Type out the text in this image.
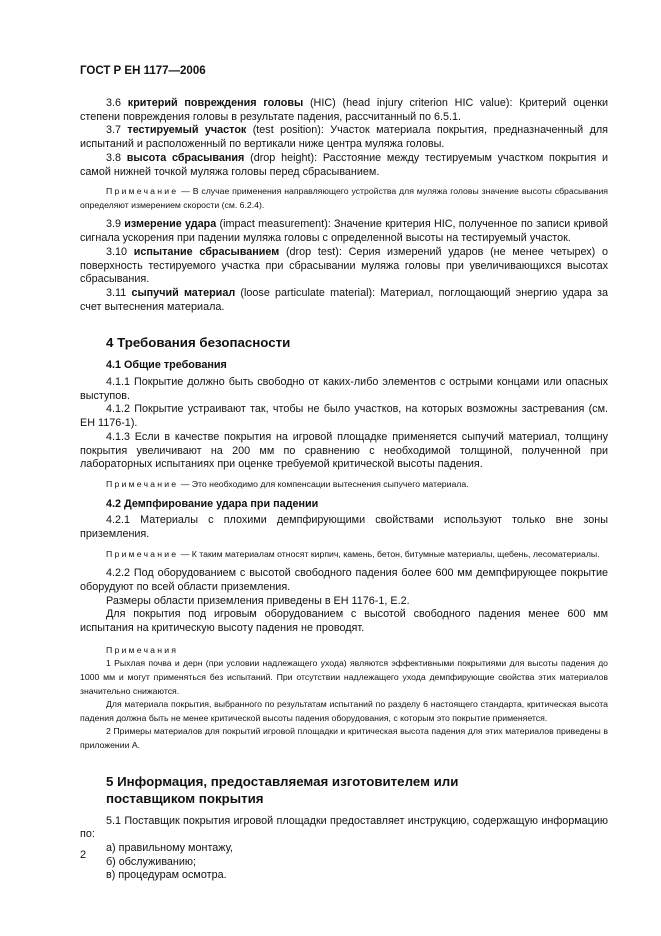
ГОСТ Р ЕН 1177—2006

3.6 критерий повреждения головы (HIC) (head injury criterion HIC value): Критерий оценки степени повреждения головы в результате падения, рассчитанный по 6.5.1.

3.7 тестируемый участок (test position): Участок материала покрытия, предназначенный для испытаний и расположенный по вертикали ниже центра муляжа головы.

3.8 высота сбрасывания (drop height): Расстояние между тестируемым участком покрытия и самой нижней точкой муляжа головы перед сбрасыванием.

Примечание — В случае применения направляющего устройства для муляжа головы значение высоты сбрасывания определяют измерением скорости (см. 6.2.4).

3.9 измерение удара (impact measurement): Значение критерия HIC, полученное по записи кривой сигнала ускорения при падении муляжа головы с определенной высоты на тестируемый участок.

3.10 испытание сбрасыванием (drop test): Серия измерений ударов (не менее четырех) о поверхность тестируемого участка при сбрасывании муляжа головы при увеличивающихся высотах сбрасывания.

3.11 сыпучий материал (loose particulate material): Материал, поглощающий энергию удара за счет вытеснения материала.

4 Требования безопасности
4.1 Общие требования

4.1.1 Покрытие должно быть свободно от каких-либо элементов с острыми концами или опасных выступов.

4.1.2 Покрытие устраивают так, чтобы не было участков, на которых возможны застревания (см. ЕН 1176-1).

4.1.3 Если в качестве покрытия на игровой площадке применяется сыпучий материал, толщину покрытия увеличивают на 200 мм по сравнению с необходимой толщиной, полученной при лабораторных испытаниях при оценке требуемой критической высоты падения.

Примечание — Это необходимо для компенсации вытеснения сыпучего материала.

4.2 Демпфирование удара при падении

4.2.1 Материалы с плохими демпфирующими свойствами используют только вне зоны приземления.

Примечание — К таким материалам относят кирпич, камень, бетон, битумные материалы, щебень, лесоматериалы.

4.2.2 Под оборудованием с высотой свободного падения более 600 мм демпфирующее покрытие оборудуют по всей области приземления.

Размеры области приземления приведены в ЕН 1176-1, Е.2.

Для покрытия под игровым оборудованием с высотой свободного падения менее 600 мм испытания на критическую высоту падения не проводят.

Примечания

1 Рыхлая почва и дерн (при условии надлежащего ухода) являются эффективными покрытиями для высоты падения до 1000 мм и могут применяться без испытаний. При отсутствии надлежащего ухода демпфирующие свойства этих материалов значительно снижаются.

Для материала покрытия, выбранного по результатам испытаний по разделу 6 настоящего стандарта, критическая высота падения должна быть не менее критической высоты падения оборудования, с которым это покрытие применяется.

2 Примеры материалов для покрытий игровой площадки и критическая высота падения для этих материалов приведены в приложении А.

5 Информация, предоставляемая изготовителем или поставщиком покрытия

5.1 Поставщик покрытия игровой площадки предоставляет инструкцию, содержащую информацию по:

а) правильному монтажу,

б) обслуживанию;

в) процедурам осмотра.

2
